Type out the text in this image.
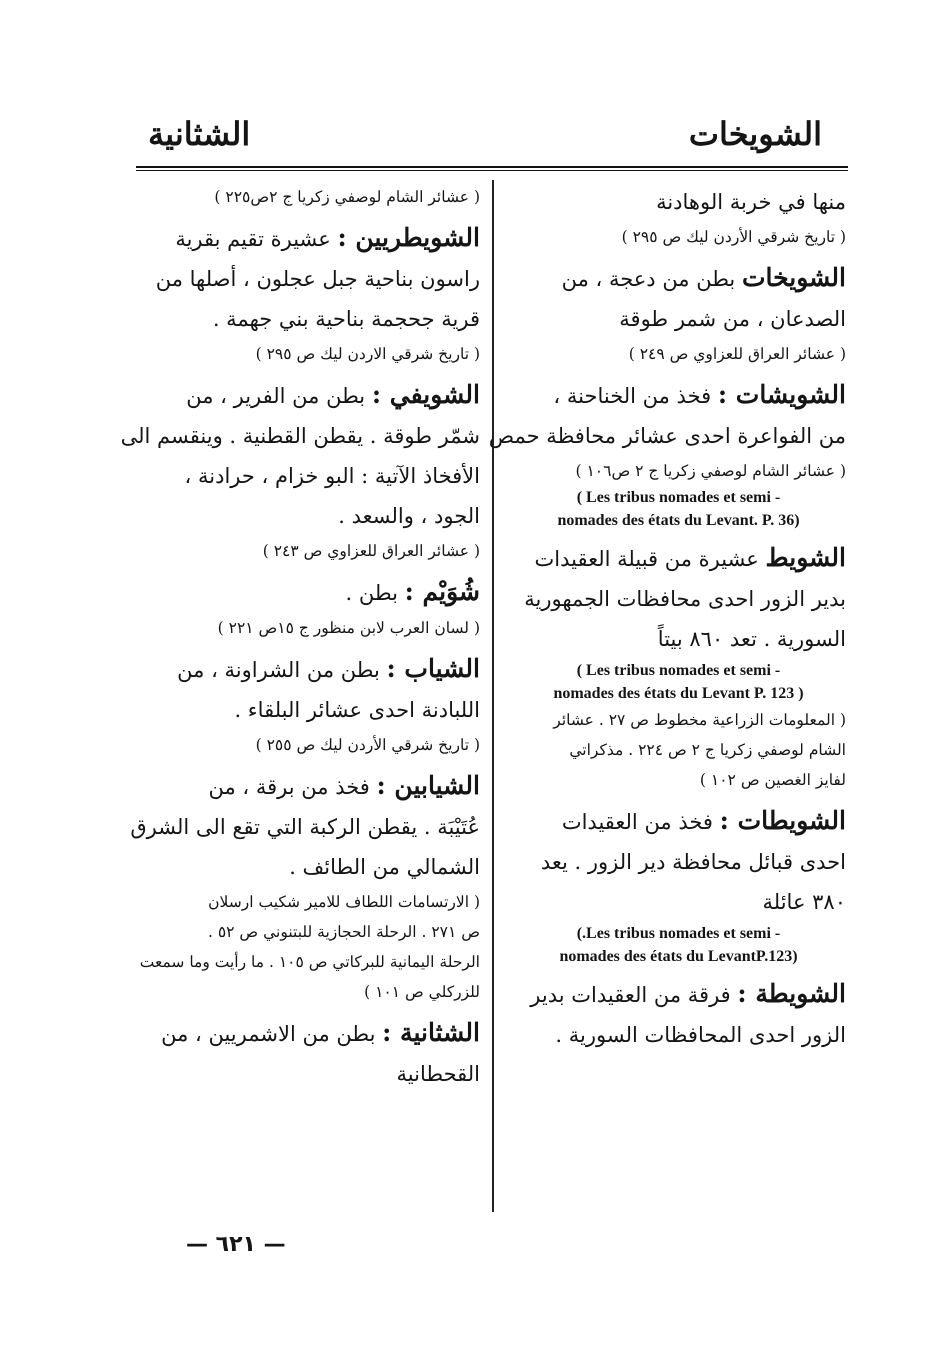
الشويخات
الشثانية
منها في خربة الوهادنة
( تاريخ شرقي الأردن ليك ص ٢٩٥ )
الشويخات بطن من دعجة ، من
الصدعان ، من شمر طوقة
( عشائر العراق للعزاوي ص ٢٤٩ )
الشويشات : فخذ من الخناحنة ،
من الفواعرة احدى عشائر محافظة حمص
( عشائر الشام لوصفي زكريا ج ٢ ص١٠٦ )
( Les tribus nomades et semi -
nomades des états du Levant. P. 36)
الشويط عشيرة من قبيلة العقيدات
بدير الزور احدى محافظات الجمهورية
السورية . تعد ٨٦٠ بيتاً
( Les tribus nomades et semi -
nomades des états du Levant P. 123 )
( المعلومات الزراعية مخطوط ص ٢٧ . عشائر
الشام لوصفي زكريا ج ٢ ص ٢٢٤ . مذكراتي
لفايز الغصين ص ١٠٢ )
الشويطات : فخذ من العقيدات
احدى قبائل محافظة دير الزور . يعد
٣٨٠ عائلة
(.Les tribus nomades et semi -
nomades des états du LevantP.123)
الشويطة : فرقة من العقيدات بدير
الزور احدى المحافظات السورية .
( عشائر الشام لوصفي زكريا ج ٢ص٢٢٥ )
الشويطريين : عشيرة تقيم بقرية
راسون بناحية جبل عجلون ، أصلها من
قرية جحجمة بناحية بني جهمة .
( تاريخ شرقي الاردن ليك ص ٢٩٥ )
الشويفي : بطن من الفرير ، من
شمّر طوقة . يقطن القطنية . وينقسم الى
الأفخاذ الآتية : البو خزام ، حرادنة ،
الجود ، والسعد .
( عشائر العراق للعزاوي ص ٢٤٣ )
شُوَيْم : بطن .
( لسان العرب لابن منظور ج ١٥ص ٢٢١ )
الشياب : بطن من الشراونة ، من
اللبادنة احدى عشائر البلقاء .
( تاريخ شرقي الأردن ليك ص ٢٥٥ )
الشيابين : فخذ من برقة ، من
عُتَيْبَة . يقطن الركبة التي تقع الى الشرق
الشمالي من الطائف .
( الارتسامات اللطاف للامير شكيب ارسلان
ص ٢٧١ . الرحلة الحجازية للبتنوني ص ٥٢ .
الرحلة اليمانية للبركاتي ص ١٠٥ . ما رأيت وما سمعت
للزركلي ص ١٠١ )
الشثانية : بطن من الاشمريين ، من
القحطانية
— ٦٢١ —
